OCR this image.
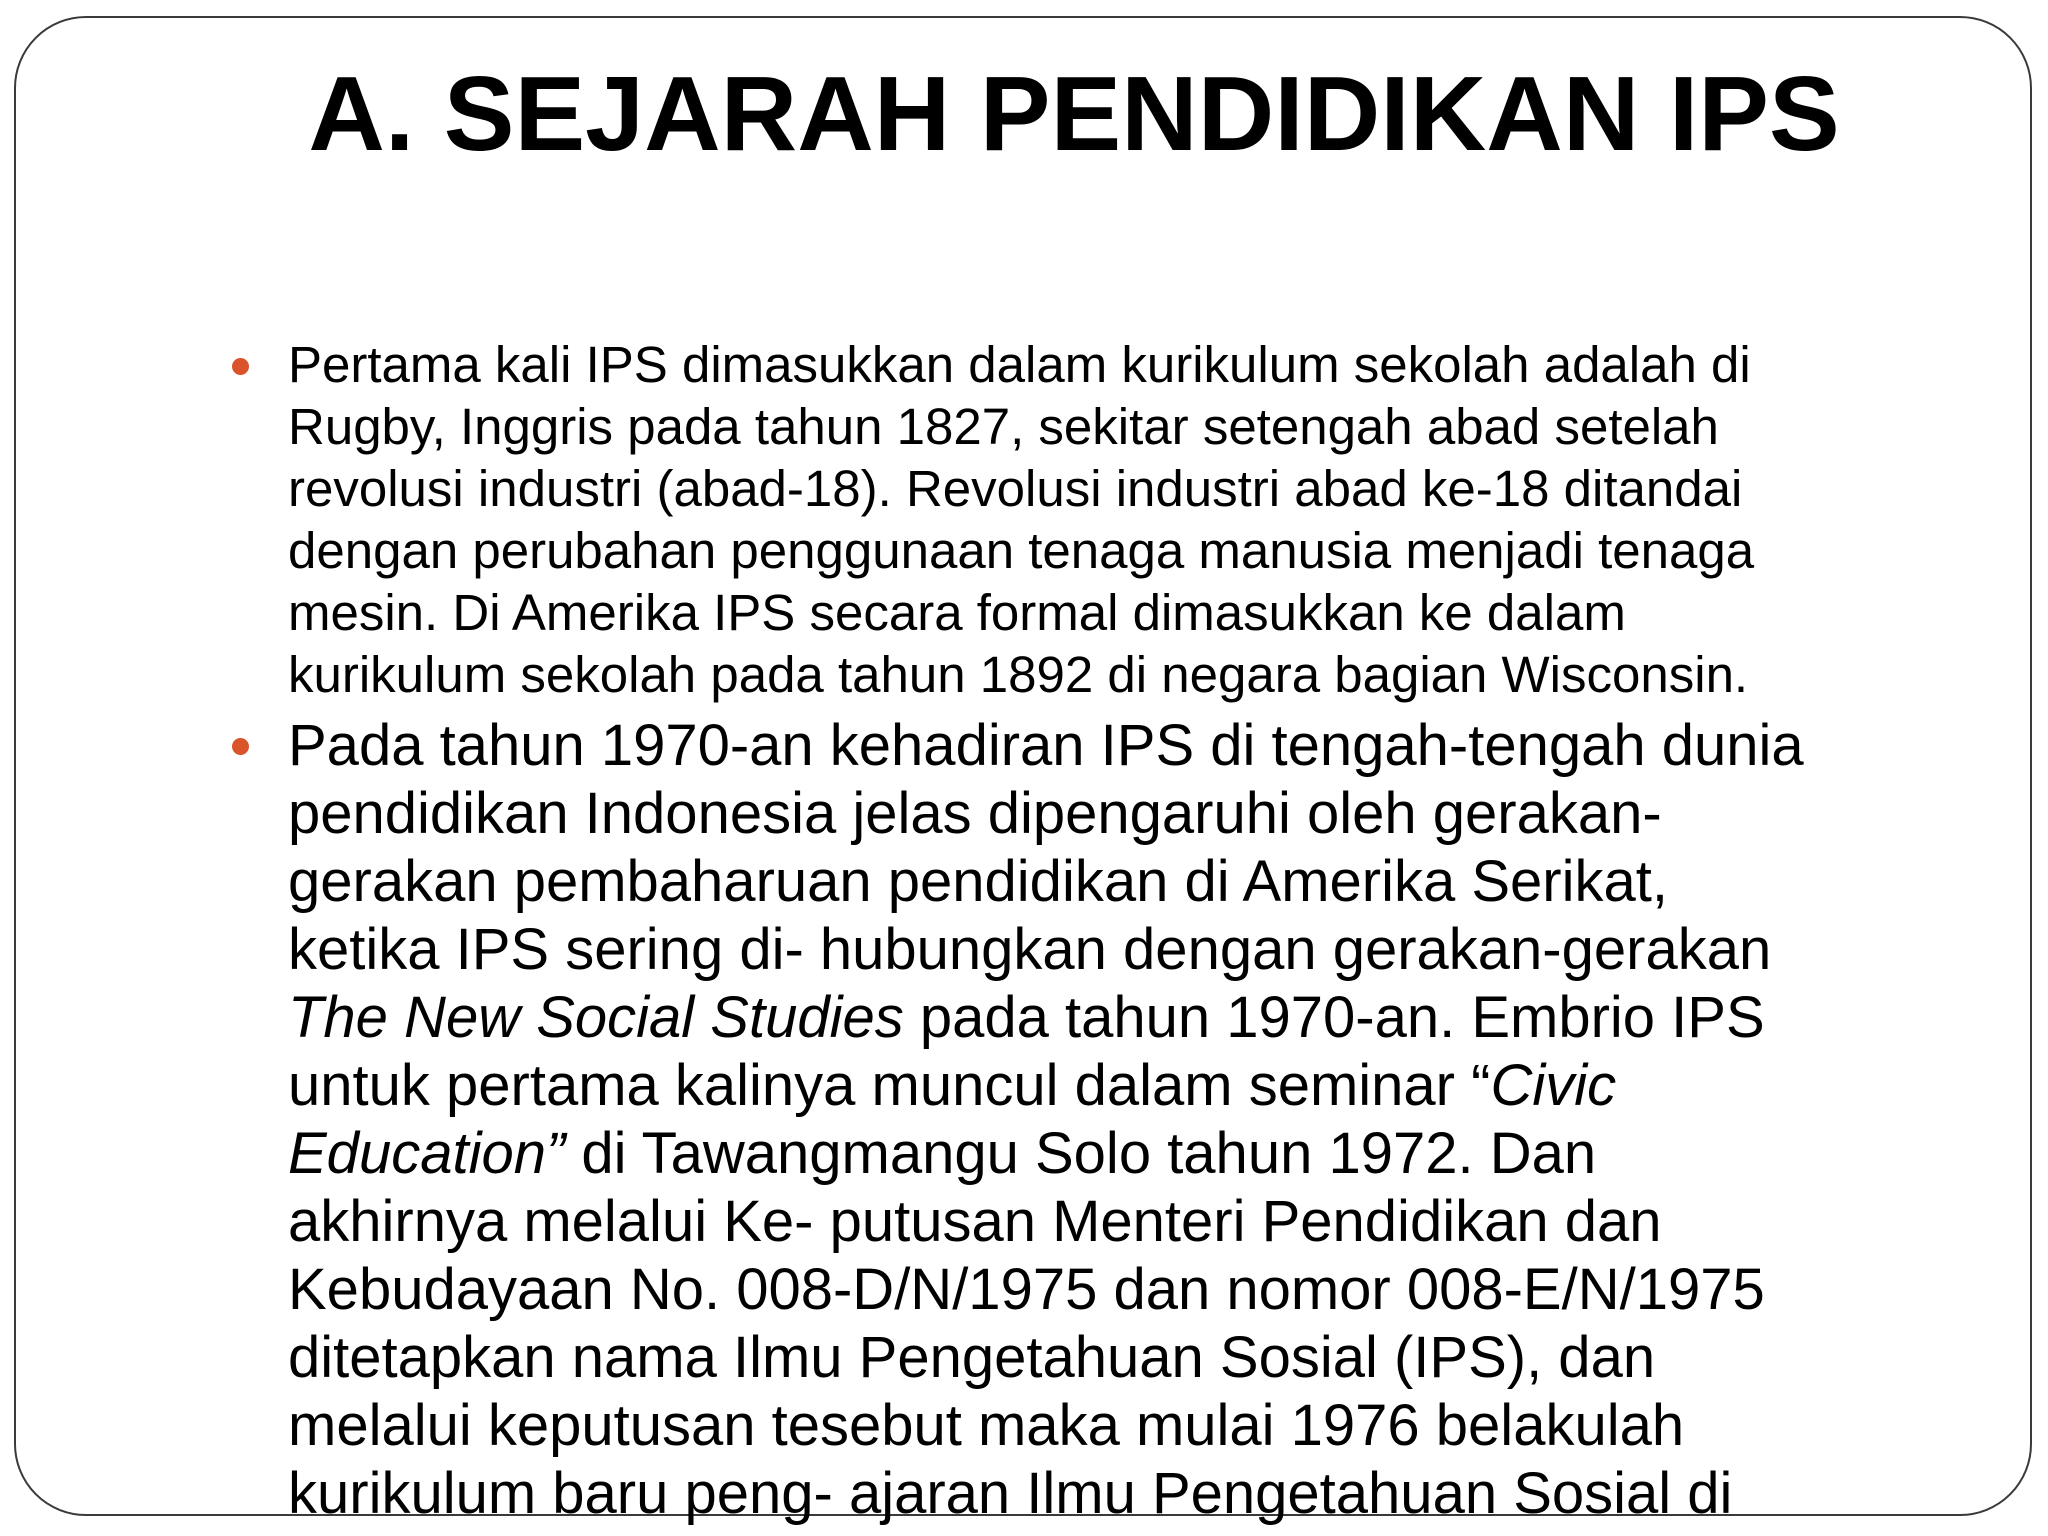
A. SEJARAH PENDIDIKAN IPS
Pertama kali IPS dimasukkan dalam kurikulum sekolah adalah di
Rugby, Inggris pada tahun 1827, sekitar setengah abad setelah
revolusi industri (abad-18). Revolusi industri abad ke-18 ditandai
dengan perubahan penggunaan tenaga manusia menjadi tenaga
mesin. Di Amerika IPS secara formal dimasukkan ke dalam
kurikulum sekolah pada tahun 1892 di negara bagian Wisconsin.
Pada tahun 1970-an kehadiran IPS di tengah-tengah dunia
pendidikan Indonesia jelas dipengaruhi oleh gerakan-
gerakan pembaharuan pendidikan di Amerika Serikat,
ketika IPS sering di- hubungkan dengan gerakan-gerakan
The New Social Studies pada tahun 1970-an. Embrio IPS
untuk pertama kalinya muncul dalam seminar “Civic
Education” di Tawangmangu Solo tahun 1972. Dan
akhirnya melalui Ke- putusan Menteri Pendidikan dan
Kebudayaan No. 008-D/N/1975 dan nomor 008-E/N/1975
ditetapkan nama Ilmu Pengetahuan Sosial (IPS), dan
melalui keputusan tesebut maka mulai 1976 belakulah
kurikulum baru peng- ajaran Ilmu Pengetahuan Sosial di
